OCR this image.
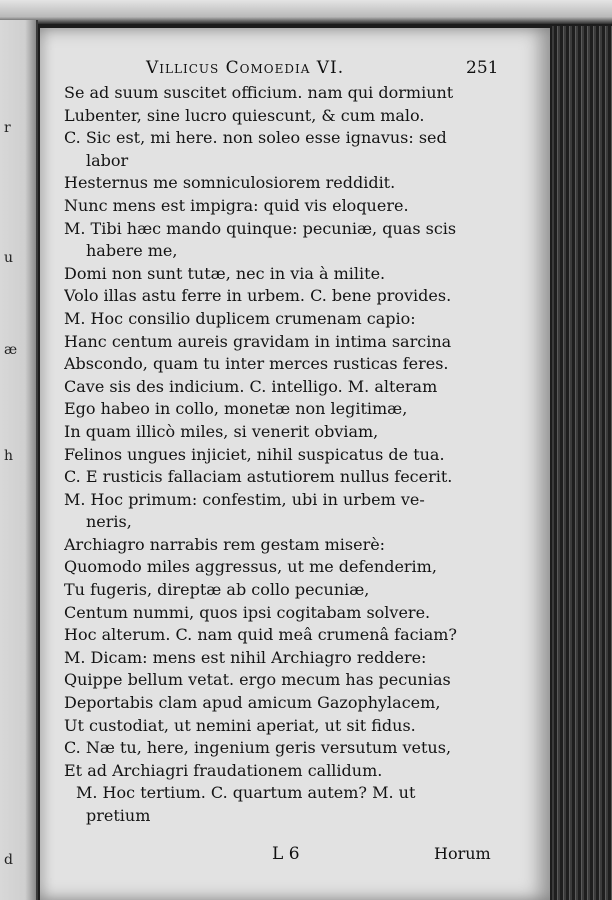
r
u
æ
h
d
Villicus Comoedia VI.	251
Se ad suum suscitet officium. nam qui dormiunt
Lubenter, sine lucro quiescunt, & cum malo.
C. Sic est, mi here. non soleo esse ignavus: sed
labor
Hesternus me somniculosiorem reddidit.
Nunc mens est impigra: quid vis eloquere.
M. Tibi hæc mando quinque: pecuniæ, quas scis
habere me,
Domi non sunt tutæ, nec in via à milite.
Volo illas astu ferre in urbem. C. bene provides.
M. Hoc consilio duplicem crumenam capio:
Hanc centum aureis gravidam in intima sarcina
Abscondo, quam tu inter merces rusticas feres.
Cave sis des indicium. C. intelligo. M. alteram
Ego habeo in collo, monetæ non legitimæ,
In quam illicò miles, si venerit obviam,
Felinos ungues injiciet, nihil suspicatus de tua.
C. E rusticis fallaciam astutiorem nullus fecerit.
M. Hoc primum: confestim, ubi in urbem ve-
neris,
Archiagro narrabis rem gestam miserè:
Quomodo miles aggressus, ut me defenderim,
Tu fugeris, direptæ ab collo pecuniæ,
Centum nummi, quos ipsi cogitabam solvere.
Hoc alterum. C. nam quid meâ crumenâ faciam?
M. Dicam: mens est nihil Archiagro reddere:
Quippe bellum vetat. ergo mecum has pecunias
Deportabis clam apud amicum Gazophylacem,
Ut custodiat, ut nemini aperiat, ut sit fidus.
C. Næ tu, here, ingenium geris versutum vetus,
Et ad Archiagri fraudationem callidum.
M. Hoc tertium. C. quartum autem? M. ut
pretium
L 6	Horum
